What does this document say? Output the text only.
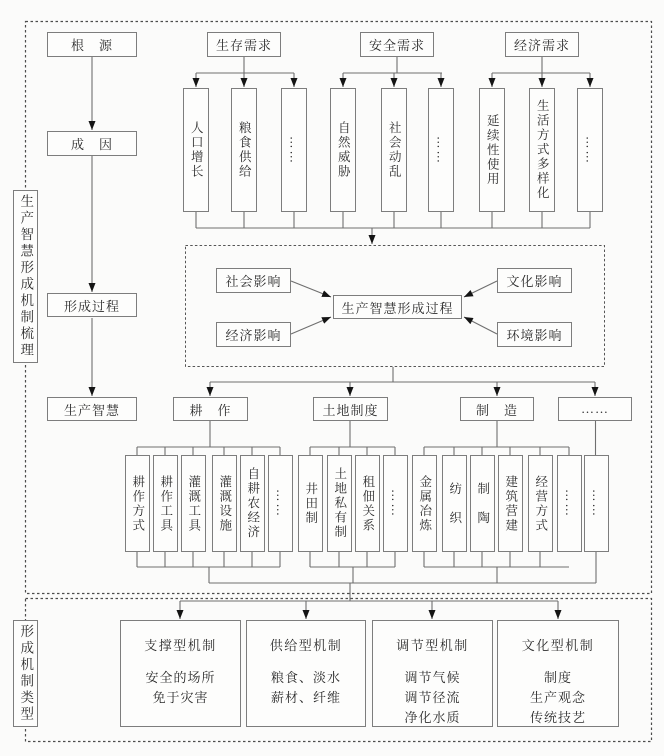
生产智慧形成机制梳理
形成机制类型
根　源
成　因
形成过程
生产智慧
生存需求	安全需求	经济需求
人口增长	粮食供给	……	自然威胁	社会动乱	……	延续性使用	生活方式多样化	……
社会影响	文化影响
经济影响	环境影响
生产智慧形成过程
耕　作	土地制度	制　造	……
耕作方式	耕作工具	灌溉工具	灌溉设施	自耕农经济	……	井田制	土地私有制	租佃关系	……	金属冶炼	纺　织	制　陶	建筑营建	经营方式	……	……
支撑型机制
安全的场所
免于灾害
供给型机制
粮食、淡水
薪材、纤维
调节型机制
调节气候
调节径流
净化水质
文化型机制
制度
生产观念
传统技艺
